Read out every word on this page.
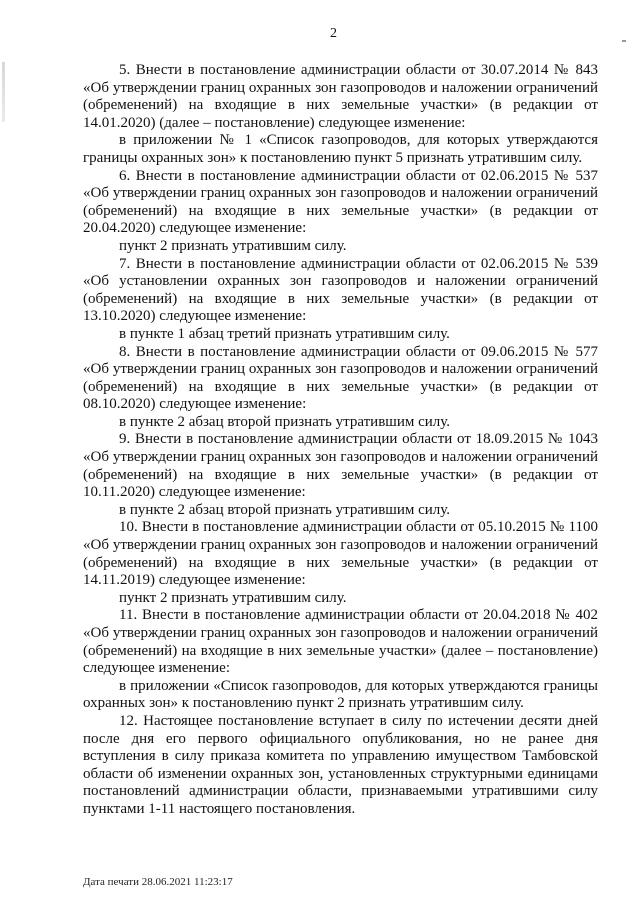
2

5. Внести в постановление администрации области от 30.07.2014 № 843 «Об утверждении границ охранных зон газопроводов и наложении ограничений (обременений) на входящие в них земельные участки» (в редакции от 14.01.2020) (далее – постановление) следующее изменение:

в приложении № 1 «Список газопроводов, для которых утверждаются границы охранных зон» к постановлению пункт 5 признать утратившим силу.

6. Внести в постановление администрации области от 02.06.2015 № 537 «Об утверждении границ охранных зон газопроводов и наложении ограничений (обременений) на входящие в них земельные участки» (в редакции от 20.04.2020) следующее изменение:

пункт 2 признать утратившим силу.

7. Внести в постановление администрации области от 02.06.2015 № 539 «Об установлении охранных зон газопроводов и наложении ограничений (обременений) на входящие в них земельные участки» (в редакции от 13.10.2020) следующее изменение:

в пункте 1 абзац третий признать утратившим силу.

8. Внести в постановление администрации области от 09.06.2015 № 577 «Об утверждении границ охранных зон газопроводов и наложении ограничений (обременений) на входящие в них земельные участки» (в редакции от 08.10.2020) следующее изменение:

в пункте 2 абзац второй признать утратившим силу.

9. Внести в постановление администрации области от 18.09.2015 № 1043 «Об утверждении границ охранных зон газопроводов и наложении ограничений (обременений) на входящие в них земельные участки» (в редакции от 10.11.2020) следующее изменение:

в пункте 2 абзац второй признать утратившим силу.

10. Внести в постановление администрации области от 05.10.2015 № 1100 «Об утверждении границ охранных зон газопроводов и наложении ограничений (обременений) на входящие в них земельные участки» (в редакции от 14.11.2019) следующее изменение:

пункт 2 признать утратившим силу.

11. Внести в постановление администрации области от 20.04.2018 № 402 «Об утверждении границ охранных зон газопроводов и наложении ограничений (обременений) на входящие в них земельные участки» (далее – постановление) следующее изменение:

в приложении «Список газопроводов, для которых утверждаются границы охранных зон» к постановлению пункт 2 признать утратившим силу.

12. Настоящее постановление вступает в силу по истечении десяти дней после дня его первого официального опубликования, но не ранее дня вступления в силу приказа комитета по управлению имуществом Тамбовской области об изменении охранных зон, установленных структурными единицами постановлений администрации области, признаваемыми утратившими силу пунктами 1-11 настоящего постановления.

Дата печати 28.06.2021 11:23:17
